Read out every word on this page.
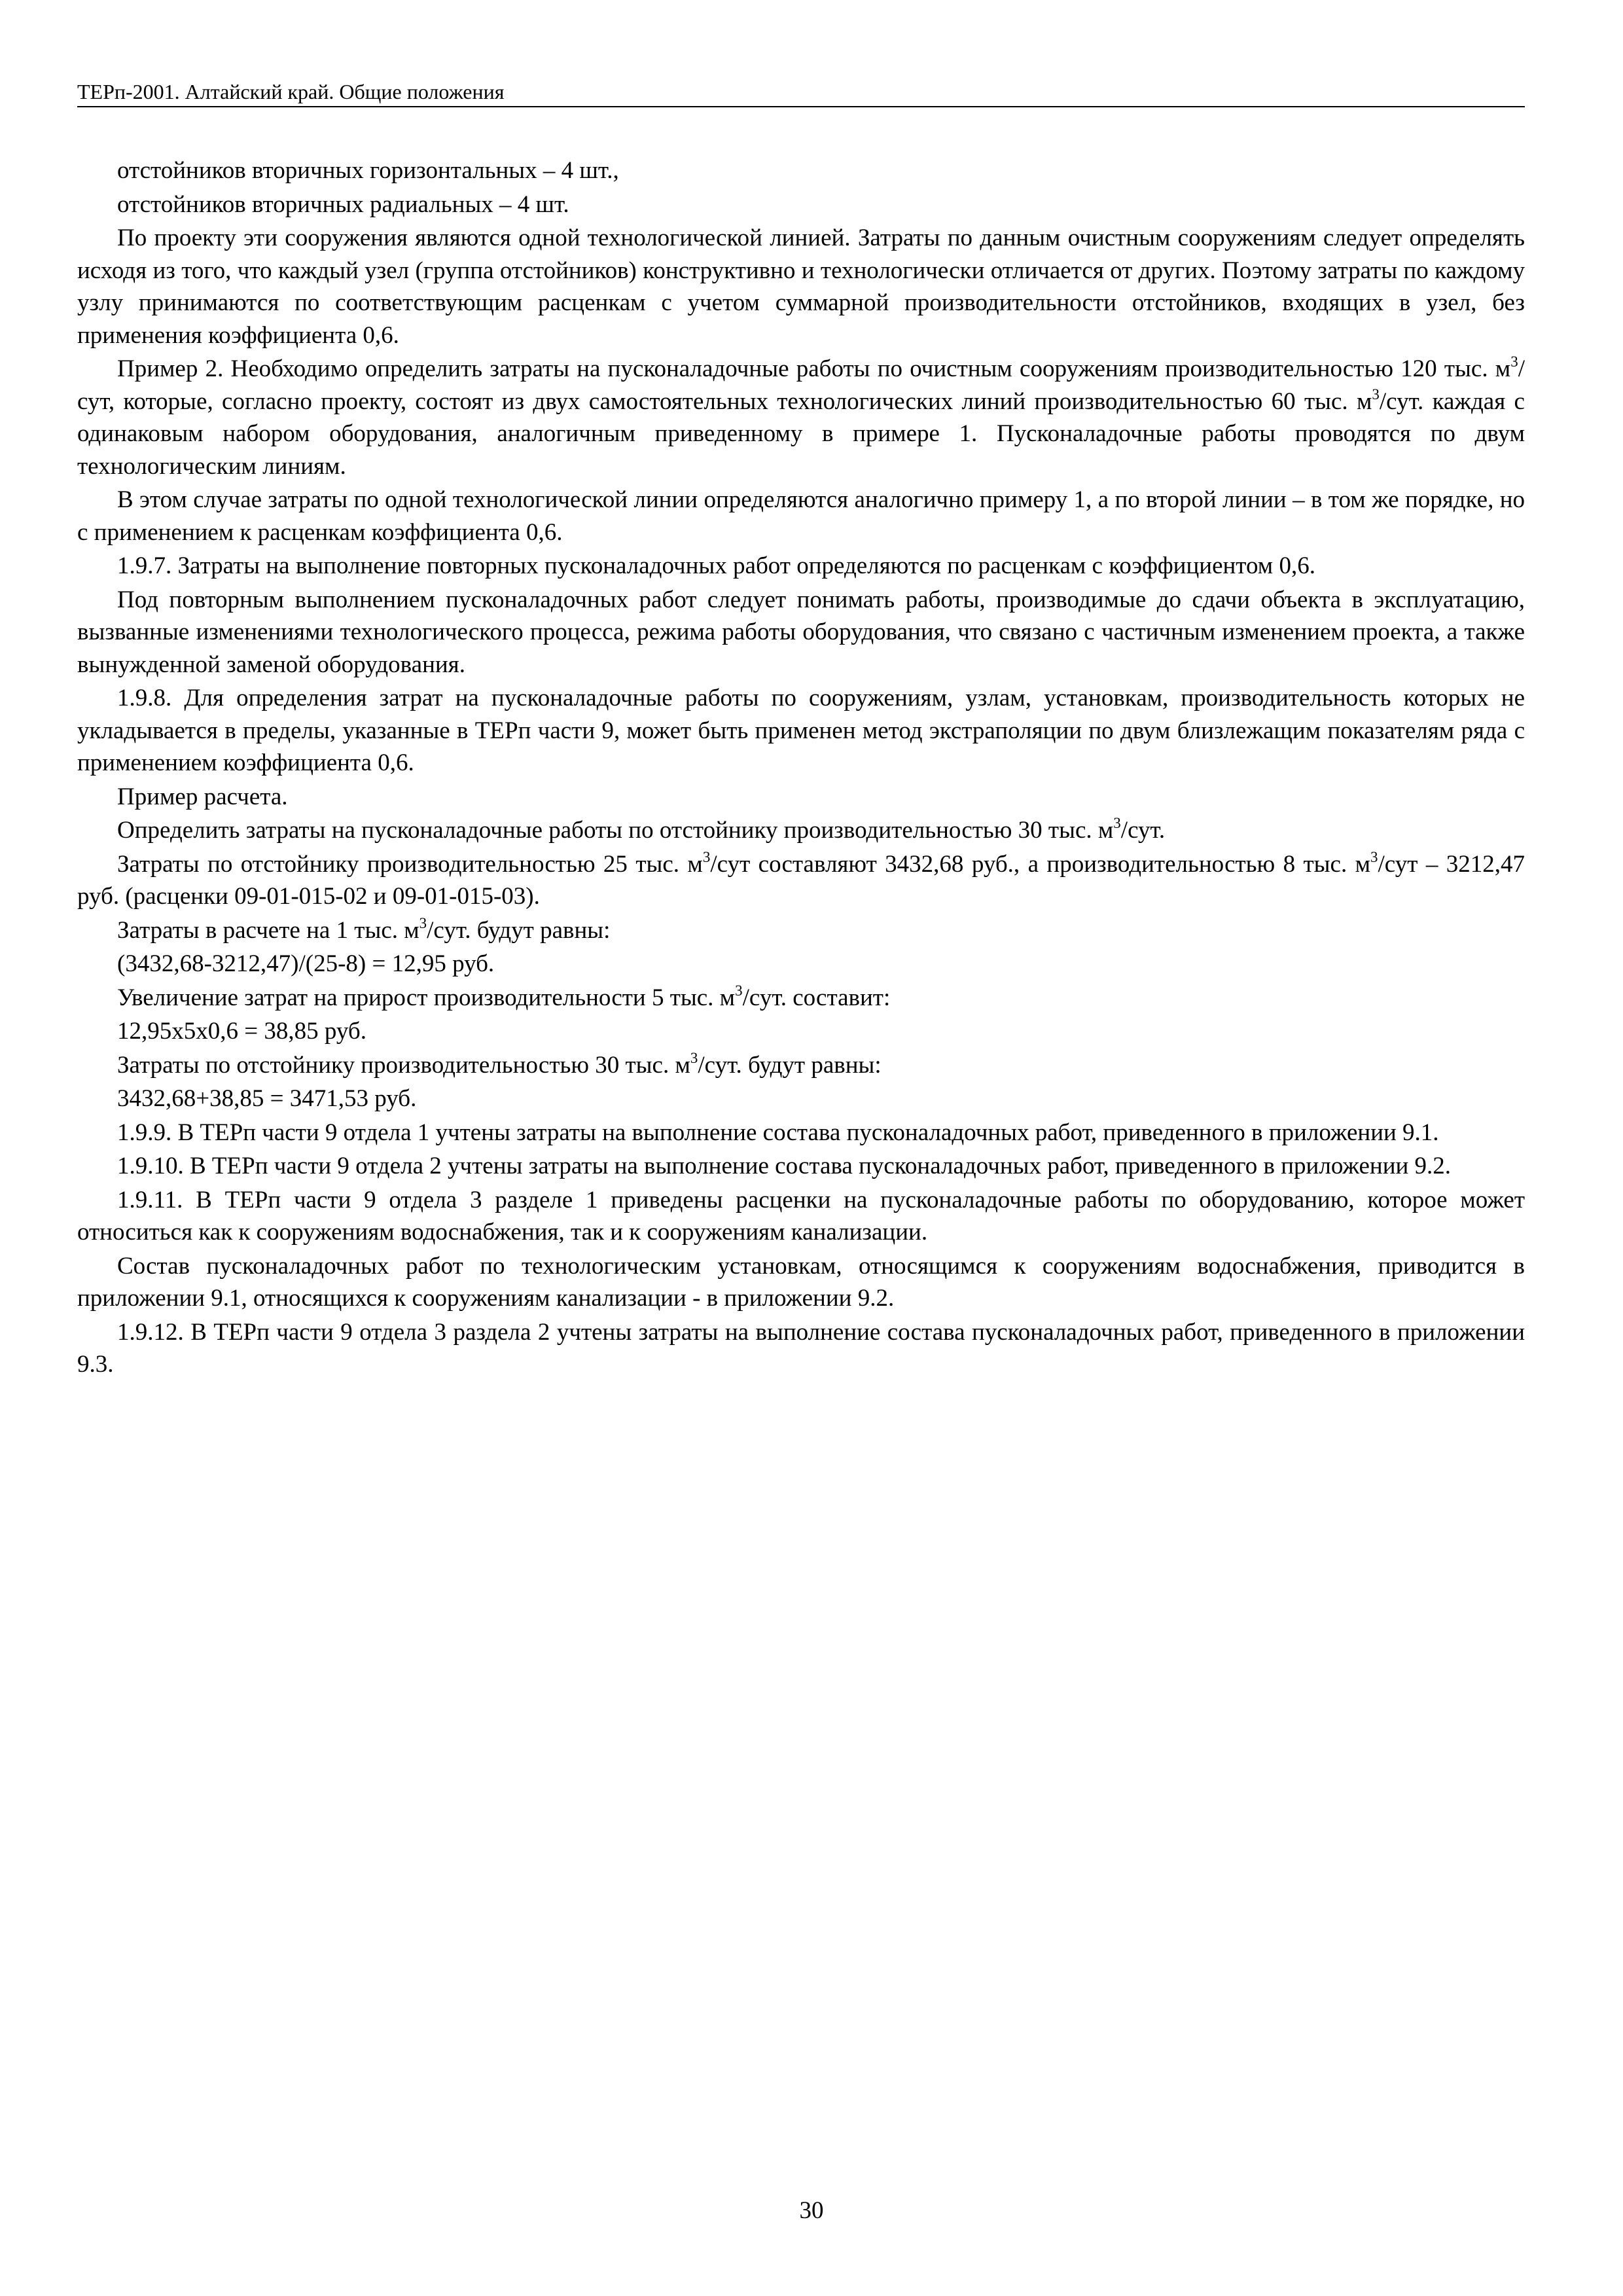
ТЕРп-2001. Алтайский край. Общие положения

отстойников вторичных горизонтальных – 4 шт.,

отстойников вторичных радиальных – 4 шт.

По проекту эти сооружения являются одной технологической линией. Затраты по данным очистным сооружениям следует определять исходя из того, что каждый узел (группа отстойников) конструктивно и технологически отличается от других. Поэтому затраты по каждому узлу принимаются по соответствующим расценкам с учетом суммарной производительности отстойников, входящих в узел, без применения коэффициента 0,6.

Пример 2. Необходимо определить затраты на пусконаладочные работы по очистным сооружениям производительностью 120 тыс. $м^3$/сут, которые, согласно проекту, состоят из двух самостоятельных технологических линий производительностью 60 тыс. $м^3$/сут. каждая с одинаковым набором оборудования, аналогичным приведенному в примере 1. Пусконаладочные работы проводятся по двум технологическим линиям.

В этом случае затраты по одной технологической линии определяются аналогично примеру 1, а по второй линии – в том же порядке, но с применением к расценкам коэффициента 0,6.

1.9.7. Затраты на выполнение повторных пусконаладочных работ определяются по расценкам с коэффициентом 0,6.

Под повторным выполнением пусконаладочных работ следует понимать работы, производимые до сдачи объекта в эксплуатацию, вызванные изменениями технологического процесса, режима работы оборудования, что связано с частичным изменением проекта, а также вынужденной заменой оборудования.

1.9.8. Для определения затрат на пусконаладочные работы по сооружениям, узлам, установкам, производительность которых не укладывается в пределы, указанные в ТЕРп части 9, может быть применен метод экстраполяции по двум близлежащим показателям ряда с применением коэффициента 0,6.

Пример расчета.

Определить затраты на пусконаладочные работы по отстойнику производительностью 30 тыс. $м^3$/сут.

Затраты по отстойнику производительностью 25 тыс. $м^3$/сут составляют 3432,68 руб., а производительностью 8 тыс. $м^3$/сут – 3212,47 руб. (расценки 09-01-015-02 и 09-01-015-03).

Затраты в расчете на 1 тыс. $м^3$/сут. будут равны:

(3432,68-3212,47)/(25-8) = 12,95 руб.

Увеличение затрат на прирост производительности 5 тыс. $м^3$/сут. составит:

12,95х5х0,6 = 38,85 руб.

Затраты по отстойнику производительностью 30 тыс. $м^3$/сут. будут равны:

3432,68+38,85 = 3471,53 руб.

1.9.9. В ТЕРп части 9 отдела 1 учтены затраты на выполнение состава пусконаладочных работ, приведенного в приложении 9.1.

1.9.10. В ТЕРп части 9 отдела 2 учтены затраты на выполнение состава пусконаладочных работ, приведенного в приложении 9.2.

1.9.11. В ТЕРп части 9 отдела 3 разделе 1 приведены расценки на пусконаладочные работы по оборудованию, которое может относиться как к сооружениям водоснабжения, так и к сооружениям канализации.

Состав пусконаладочных работ по технологическим установкам, относящимся к сооружениям водоснабжения, приводится в приложении 9.1, относящихся к сооружениям канализации - в приложении 9.2.

1.9.12. В ТЕРп части 9 отдела 3 раздела 2 учтены затраты на выполнение состава пусконаладочных работ, приведенного в приложении 9.3.

30
